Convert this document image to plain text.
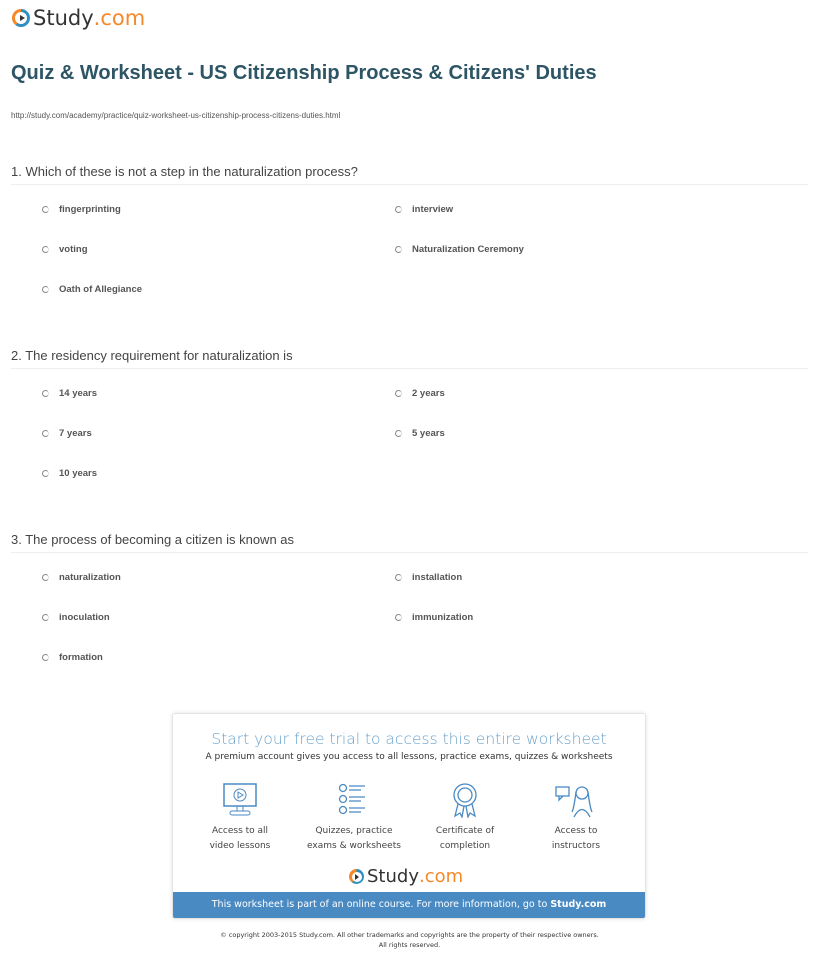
Study .com
Quiz & Worksheet - US Citizenship Process & Citizens' Duties
http://study.com/academy/practice/quiz-worksheet-us-citizenship-process-citizens-duties.html
1. Which of these is not a step in the naturalization process?
fingerprinting	interview
voting	Naturalization Ceremony
Oath of Allegiance
2. The residency requirement for naturalization is
14 years	2 years
7 years	5 years
10 years
3. The process of becoming a citizen is known as
naturalization	installation
inoculation	immunization
formation
Start your free trial to access this entire worksheet
A premium account gives you access to all lessons, practice exams, quizzes & worksheets
Access to all
video lessons
Quizzes, practice
exams & worksheets
Certificate of
completion
Access to
instructors
Study .com
This worksheet is part of an online course. For more information, go to Study.com
© copyright 2003-2015 Study.com. All other trademarks and copyrights are the property of their respective owners.
All rights reserved.
